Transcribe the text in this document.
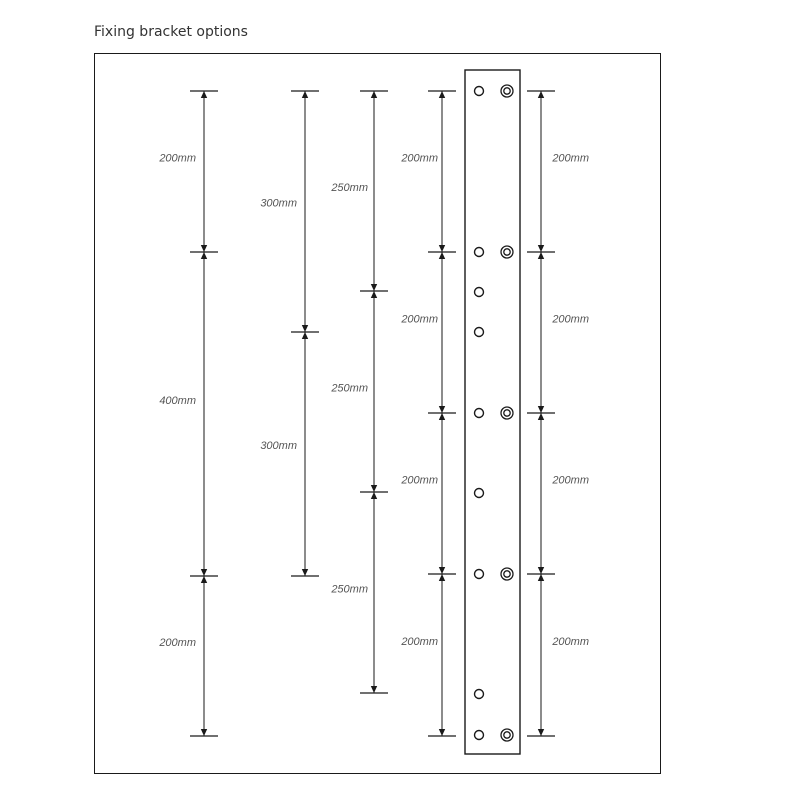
Fixing bracket options
200mm
400mm
200mm
300mm
300mm
250mm
250mm
250mm
200mm
200mm
200mm
200mm
200mm
200mm
200mm
200mm
